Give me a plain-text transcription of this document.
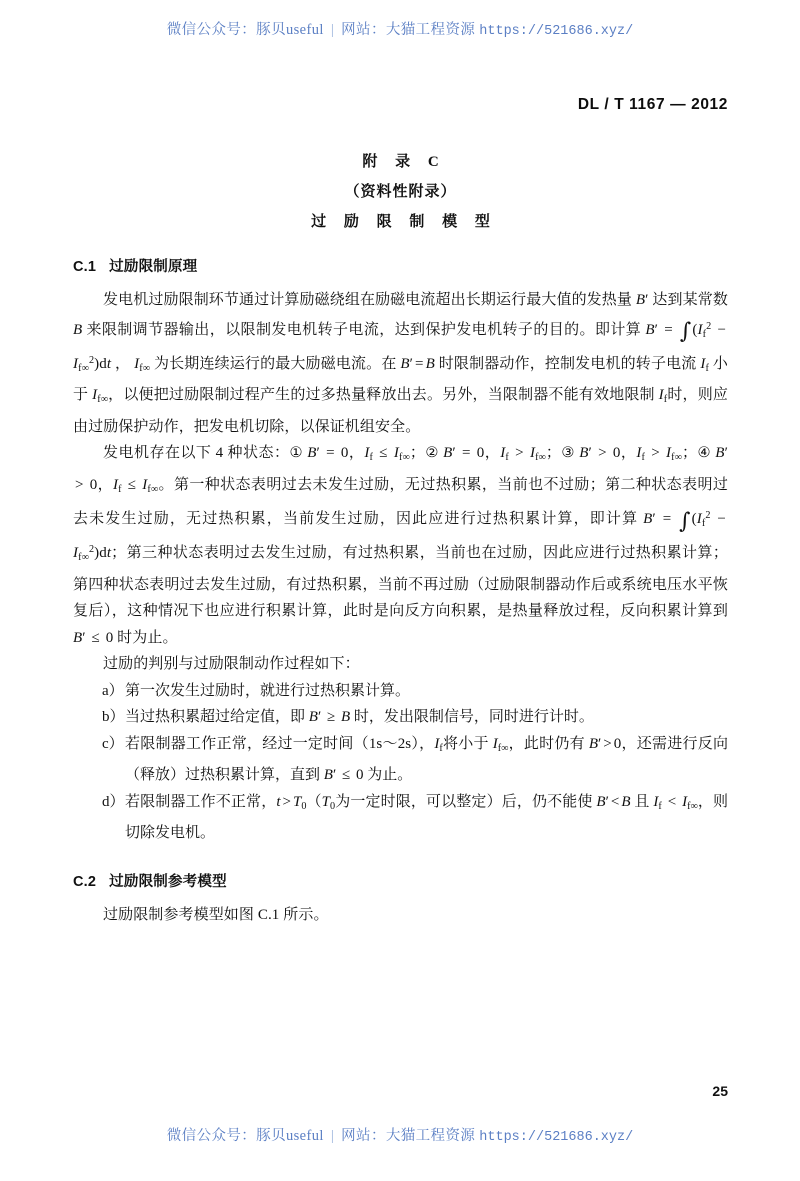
微信公众号：豚贝useful | 网站：大猫工程资源 https://521686.xyz/
DL / T 1167 — 2012
附 录 C
（资料性附录）
过 励 限 制 模 型
C.1 过励限制原理

发电机过励限制环节通过计算励磁绕组在励磁电流超出长期运行最大值的发热量 B′ 达到某常数 B 来限制调节器输出，以限制发电机转子电流，达到保护发电机转子的目的。即计算 $B' = \int(If^2 - If\infty^2)dt$ ， If∞ 为长期连续运行的最大励磁电流。在 B′ = B 时限制器动作，控制发电机的转子电流 If 小于 If∞，以便把过励限制过程产生的过多热量释放出去。另外，当限制器不能有效地限制 If时，则应由过励保护动作，把发电机切除，以保证机组安全。

发电机存在以下 4 种状态：① B′ = 0，If ≤ If∞；② B′ = 0，If > If∞；③ B′ > 0，If > If∞；④ B′ > 0，If ≤ If∞。第一种状态表明过去未发生过励，无过热积累，当前也不过励；第二种状态表明过去未发生过励，无过热积累，当前发生过励，因此应进行过热积累计算，即计算 $B' = \int(If^2 - If\infty^2)dt$；第三种状态表明过去发生过励，有过热积累，当前也在过励，因此应进行过热积累计算；第四种状态表明过去发生过励，有过热积累，当前不再过励（过励限制器动作后或系统电压水平恢复后），这种情况下也应进行积累计算，此时是向反方向积累，是热量释放过程，反向积累计算到 B′ ≤ 0 时为止。

过励的判别与过励限制动作过程如下：

a） 第一次发生过励时，就进行过热积累计算。
b） 当过热积累超过给定值，即 B′ ≥ B 时，发出限制信号，同时进行计时。
c） 若限制器工作正常，经过一定时间（1s～2s），If将小于 If∞，此时仍有 B′ > 0，还需进行反向（释放）过热积累计算，直到 B′ ≤ 0 为止。
d） 若限制器工作不正常，t > T0（T0为一定时限，可以整定）后，仍不能使 B′ < B 且 If < If∞，则切除发电机。
C.2 过励限制参考模型

过励限制参考模型如图 C.1 所示。

25
微信公众号：豚贝useful | 网站：大猫工程资源 https://521686.xyz/
